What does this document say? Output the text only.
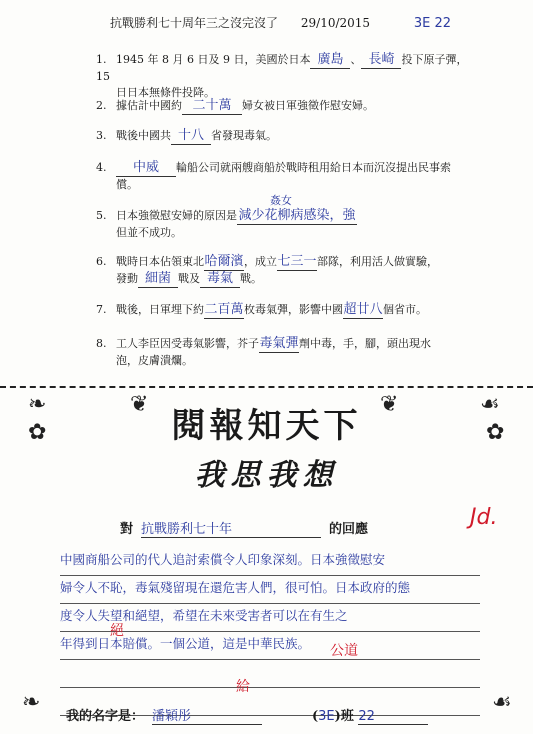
抗戰勝利七十周年三之沒完沒了 29/10/2015	3E 22
1. 1945 年 8 月 6 日及 9 日，美國於日本 廣島 、 長崎 投下原子彈，15
日日本無條件投降。
2. 據估計中國約 二十萬 婦女被日軍強徵作慰安婦。
3. 戰後中國共 十八 省發現毒氣。
4. 中威 輪船公司就兩艘商船於戰時租用給日本而沉沒提出民事索
償。
姦女
5. 日本強徵慰安婦的原因是減少花柳病感染，強
但並不成功。
6. 戰時日本佔領東北哈爾濱，成立七三一部隊，利用活人做實驗，
發動 細菌 戰及 毒氣 戰。
7. 戰後，日軍埋下約二百萬枚毒氣彈，影響中國超廿八個省市。
8. 工人李臣因受毒氣影響，芥子毒氣彈劑中毒，手，腳，頭出現水
泡，皮膚潰爛。
❧
✿
❦	❦	☙
✿
❧	☙
閱報知天下
我思我想
對 抗戰勝利七十年	的回應	Jd.
中國商船公司的代人追討索償令人印象深刻。日本強徵慰安
婦令人不恥，毒氣殘留現在還危害人們，很可怕。日本政府的態
度令人失望和絕望，希望在未來受害者可以在有生之
年得到日本賠償。一個公道，這是中華民族。
絕
給
公道
我的名字是： 潘穎彤	(3E)班 22
